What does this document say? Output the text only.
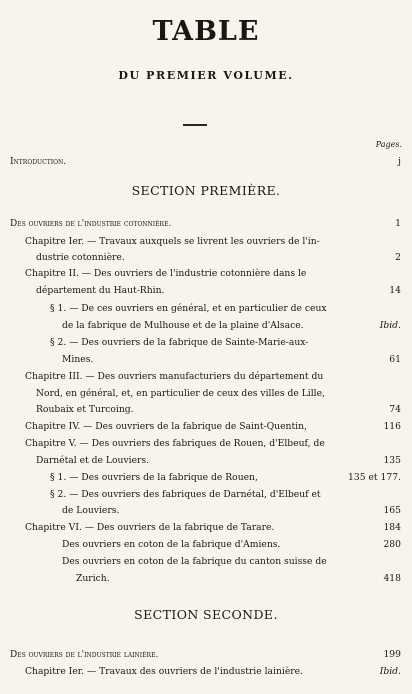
TABLE
DU PREMIER VOLUME.
Pages.
Introduction.	j
SECTION PREMIÈRE.
Des ouvriers de l'industrie cotonnière.	1
Chapitre Ier. — Travaux auxquels se livrent les ouvriers de l'in-
dustrie cotonnière.	2
Chapitre II. — Des ouvriers de l'industrie cotonnière dans le
département du Haut-Rhin.	14
§ 1. — De ces ouvriers en général, et en particulier de ceux
de la fabrique de Mulhouse et de la plaine d'Alsace.	Ibid.
§ 2. — Des ouvriers de la fabrique de Sainte-Marie-aux-
Mines.	61
Chapitre III. — Des ouvriers manufacturiers du département du
Nord, en général, et, en particulier de ceux des villes de Lille,
Roubaix et Turcoing.	74
Chapitre IV. — Des ouvriers de la fabrique de Saint-Quentin,	116
Chapitre V. — Des ouvriers des fabriques de Rouen, d'Elbeuf, de
Darnétal et de Louviers.	135
§ 1. — Des ouvriers de la fabrique de Rouen,	135 et 177.
§ 2. — Des ouvriers des fabriques de Darnétal, d'Elbeuf et
de Louviers.	165
Chapitre VI. — Des ouvriers de la fabrique de Tarare.	184
Des ouvriers en coton de la fabrique d'Amiens.	280
Des ouvriers en coton de la fabrique du canton suisse de
Zurich.	418
SECTION SECONDE.
Des ouvriers de l'industrie lainière.	199
Chapitre Ier. — Travaux des ouvriers de l'industrie lainière.	Ibid.
